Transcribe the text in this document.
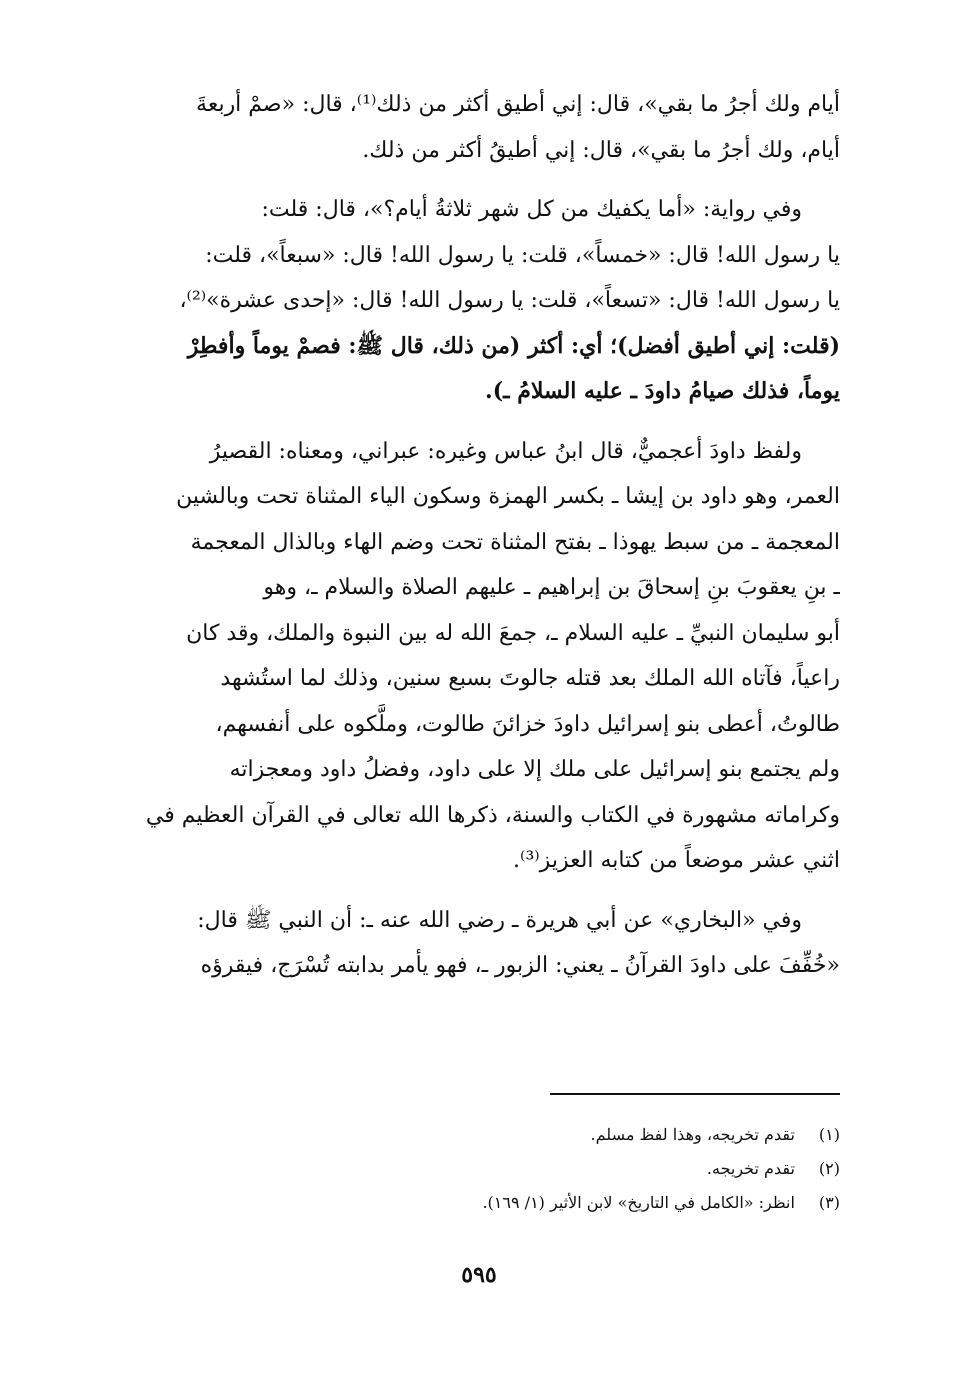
أيام ولك أجرُ ما بقي»، قال: إني أطيق أكثر من ذلك⁽¹⁾، قال: «صمْ أربعةَ
أيام، ولك أجرُ ما بقي»، قال: إني أطيقُ أكثر من ذلك.

وفي رواية: «أما يكفيك من كل شهر ثلاثةُ أيام؟»، قال: قلت:
يا رسول الله! قال: «خمساً»، قلت: يا رسول الله! قال: «سبعاً»، قلت:
يا رسول الله! قال: «تسعاً»، قلت: يا رسول الله! قال: «إحدى عشرة»⁽²⁾،
(قلت: إني أطيق أفضل)؛ أي: أكثر (من ذلك، قال ﷺ: فصمْ يوماً وأفطِرْ
يوماً، فذلك صيامُ داودَ ـ عليه السلامُ ـ).

ولفظ داودَ أعجميٌّ، قال ابنُ عباس وغيره: عبراني، ومعناه: القصيرُ
العمر، وهو داود بن إيشا ـ بكسر الهمزة وسكون الياء المثناة تحت وبالشين
المعجمة ـ من سبط يهوذا ـ بفتح المثناة تحت وضم الهاء وبالذال المعجمة
ـ بنِ يعقوبَ بنِ إسحاقَ بن إبراهيم ـ عليهم الصلاة والسلام ـ، وهو
أبو سليمان النبيِّ ـ عليه السلام ـ، جمعَ الله له بين النبوة والملك، وقد كان
راعياً، فآتاه الله الملك بعد قتله جالوتَ بسبع سنين، وذلك لما استُشهد
طالوتُ، أعطى بنو إسرائيل داودَ خزائنَ طالوت، وملَّكوه على أنفسهم،
ولم يجتمع بنو إسرائيل على ملك إلا على داود، وفضلُ داود ومعجزاته
وكراماته مشهورة في الكتاب والسنة، ذكرها الله تعالى في القرآن العظيم في
اثني عشر موضعاً من كتابه العزيز⁽³⁾.

وفي «البخاري» عن أبي هريرة ـ رضي الله عنه ـ: أن النبي ﷺ قال:
«خُفِّفَ على داودَ القرآنُ ـ يعني: الزبور ـ، فهو يأمر بدابته تُسْرَج، فيقرؤه

(١) تقدم تخريجه، وهذا لفظ مسلم.
(٢) تقدم تخريجه.
(٣) انظر: «الكامل في التاريخ» لابن الأثير (١/ ١٦٩).
٥٩٥
